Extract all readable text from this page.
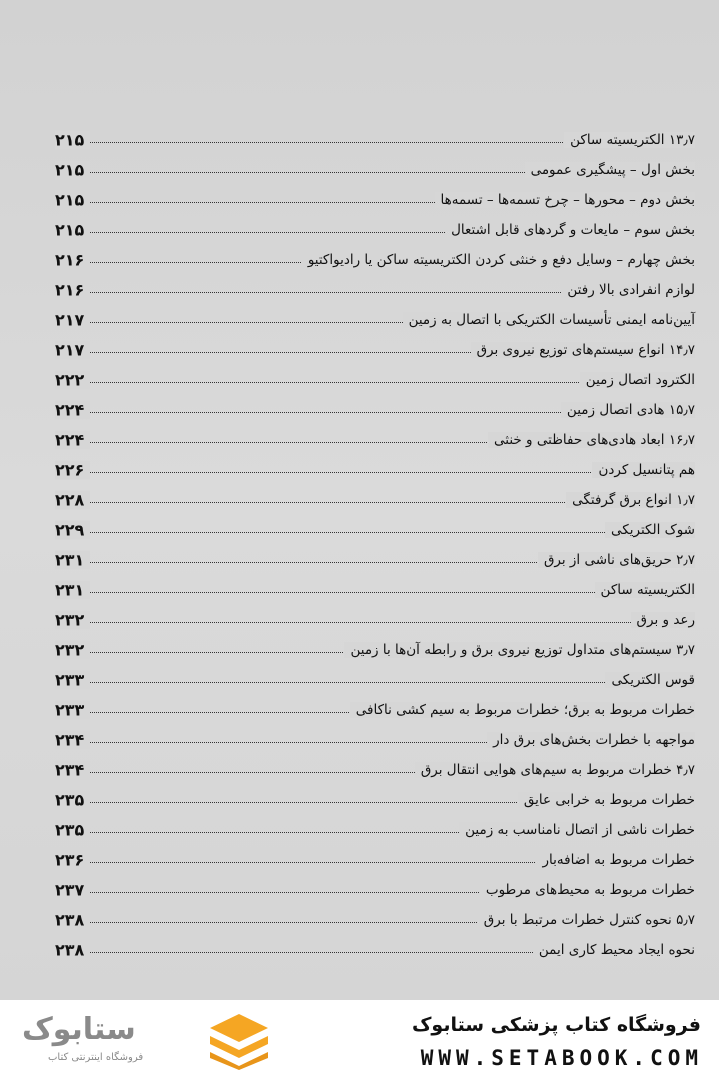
۲۱۵	۱۳٫۷ الکتریسیته ساکن
۲۱۵	بخش اول – پیشگیری عمومی
۲۱۵	بخش دوم – محورها – چرخ تسمه‌ها – تسمه‌ها
۲۱۵	بخش سوم – مایعات و گردهای قابل اشتعال
۲۱۶	بخش چهارم – وسایل دفع و خنثی کردن الکتریسیته ساکن یا رادیواکتیو
۲۱۶	لوازم انفرادی بالا رفتن
۲۱۷	آیین‌نامه ایمنی تأسیسات الکتریکی با اتصال به زمین
۲۱۷	۱۴٫۷ انواع سیستم‌های توزیع نیروی برق
۲۲۲	الکترود اتصال زمین
۲۲۴	۱۵٫۷ هادی اتصال زمین
۲۲۴	۱۶٫۷ ابعاد هادی‌های حفاظتی و خنثی
۲۲۶	هم پتانسیل کردن
۲۲۸	۱٫۷ انواع برق گرفتگی
۲۲۹	شوک الکتریکی
۲۳۱	۲٫۷ حریق‌های ناشی از برق
۲۳۱	الکتریسیته ساکن
۲۳۲	رعد و برق
۲۳۲	۳٫۷ سیستم‌های متداول توزیع نیروی برق و رابطه آن‌ها با زمین
۲۳۳	قوس الکتریکی
۲۳۳	خطرات مربوط به برق؛ خطرات مربوط به سیم کشی ناکافی
۲۳۴	مواجهه با خطرات بخش‌های برق دار
۲۳۴	۴٫۷ خطرات مربوط به سیم‌های هوایی انتقال برق
۲۳۵	خطرات مربوط به خرابی عایق
۲۳۵	خطرات ناشی از اتصال نامناسب به زمین
۲۳۶	خطرات مربوط به اضافه‌بار
۲۳۷	خطرات مربوط به محیط‌های مرطوب
۲۳۸	۵٫۷ نحوه کنترل خطرات مرتبط با برق
۲۳۸	نحوه ایجاد محیط کاری ایمن
ستابوک
فروشگاه اینترنتی کتاب
فروشگاه کتاب پزشکی ستابوک
WWW.SETABOOK.COM
